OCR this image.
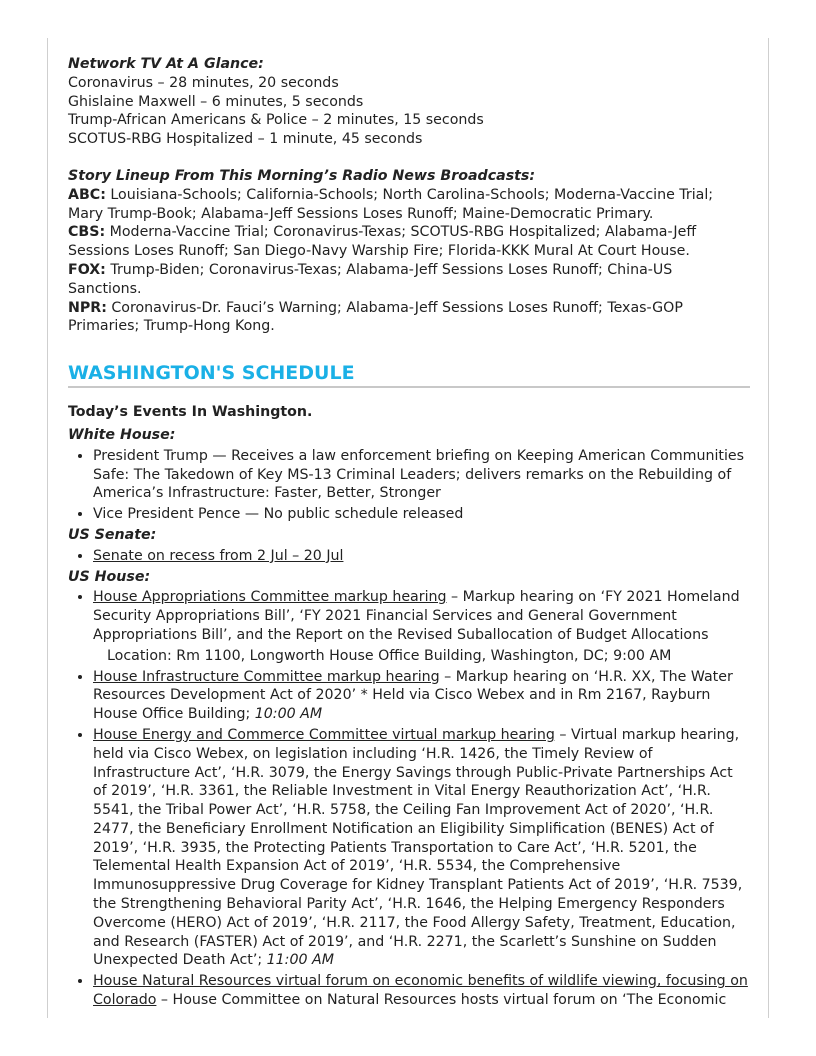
Network TV At A Glance:

Coronavirus – 28 minutes, 20 seconds

Ghislaine Maxwell – 6 minutes, 5 seconds

Trump-African Americans & Police – 2 minutes, 15 seconds

SCOTUS-RBG Hospitalized – 1 minute, 45 seconds

Story Lineup From This Morning’s Radio News Broadcasts:

ABC: Louisiana-Schools; California-Schools; North Carolina-Schools; Moderna-Vaccine Trial; Mary Trump-Book; Alabama-Jeff Sessions Loses Runoff; Maine-Democratic Primary.

CBS: Moderna-Vaccine Trial; Coronavirus-Texas; SCOTUS-RBG Hospitalized; Alabama-Jeff Sessions Loses Runoff; San Diego-Navy Warship Fire; Florida-KKK Mural At Court House.

FOX: Trump-Biden; Coronavirus-Texas; Alabama-Jeff Sessions Loses Runoff; China-US Sanctions.

NPR: Coronavirus-Dr. Fauci’s Warning; Alabama-Jeff Sessions Loses Runoff; Texas-GOP Primaries; Trump-Hong Kong.

WASHINGTON'S SCHEDULE

Today’s Events In Washington.

White House:

• President Trump — Receives a law enforcement briefing on Keeping American Communities Safe: The Takedown of Key MS-13 Criminal Leaders; delivers remarks on the Rebuilding of America’s Infrastructure: Faster, Better, Stronger
• Vice President Pence — No public schedule released

US Senate:

• Senate on recess from 2 Jul – 20 Jul

US House:

• House Appropriations Committee markup hearing – Markup hearing on ‘FY 2021 Homeland Security Appropriations Bill’, ‘FY 2021 Financial Services and General Government Appropriations Bill’, and the Report on the Revised Suballocation of Budget Allocations

Location: Rm 1100, Longworth House Office Building, Washington, DC; 9:00 AM

• House Infrastructure Committee markup hearing – Markup hearing on ‘H.R. XX, The Water Resources Development Act of 2020’ * Held via Cisco Webex and in Rm 2167, Rayburn House Office Building; 10:00 AM
• House Energy and Commerce Committee virtual markup hearing – Virtual markup hearing, held via Cisco Webex, on legislation including ‘H.R. 1426, the Timely Review of Infrastructure Act’, ‘H.R. 3079, the Energy Savings through Public-Private Partnerships Act of 2019’, ‘H.R. 3361, the Reliable Investment in Vital Energy Reauthorization Act’, ‘H.R. 5541, the Tribal Power Act’, ‘H.R. 5758, the Ceiling Fan Improvement Act of 2020’, ‘H.R. 2477, the Beneficiary Enrollment Notification an Eligibility Simplification (BENES) Act of 2019’, ‘H.R. 3935, the Protecting Patients Transportation to Care Act’, ‘H.R. 5201, the Telemental Health Expansion Act of 2019’, ‘H.R. 5534, the Comprehensive Immunosuppressive Drug Coverage for Kidney Transplant Patients Act of 2019’, ‘H.R. 7539, the Strengthening Behavioral Parity Act’, ‘H.R. 1646, the Helping Emergency Responders Overcome (HERO) Act of 2019’, ‘H.R. 2117, the Food Allergy Safety, Treatment, Education, and Research (FASTER) Act of 2019’, and ‘H.R. 2271, the Scarlett’s Sunshine on Sudden Unexpected Death Act’; 11:00 AM
• House Natural Resources virtual forum on economic benefits of wildlife viewing, focusing on Colorado – House Committee on Natural Resources hosts virtual forum on ‘The Economic
